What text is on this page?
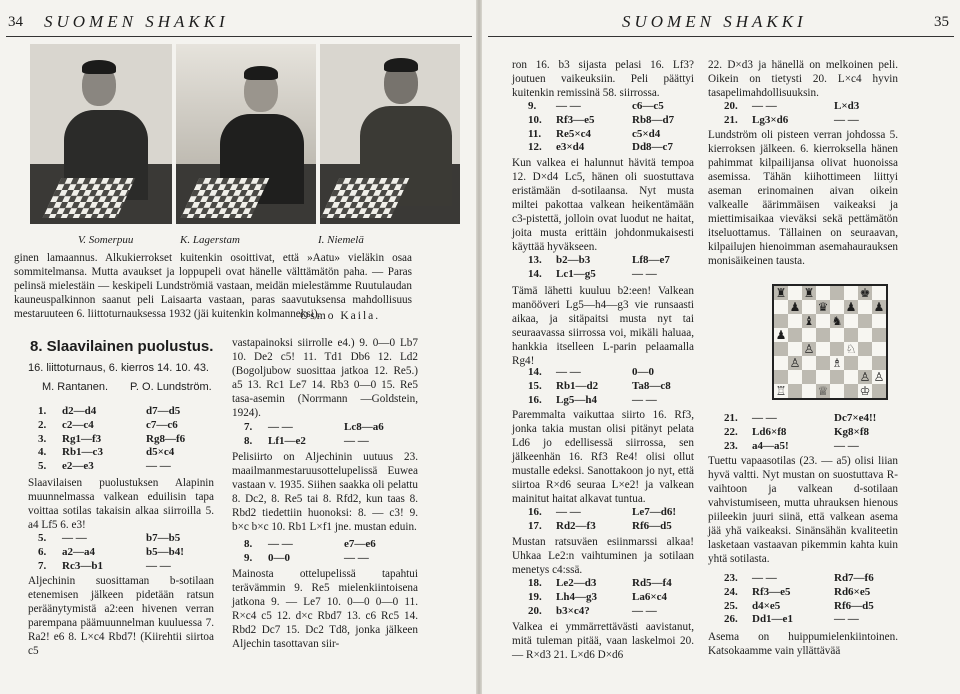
34 SUOMEN SHAKKI
V. Somerpuu	K. Lagerstam	I. Niemelä

ginen lamaannus. Alkukierrokset kuitenkin osoittivat, että »Aatu» vieläkin osaa sommitelmansa. Mutta avaukset ja loppupeli ovat hänelle välttämätön paha. — Paras pelinsä mielestäin — keskipeli Lundströmiä vastaan, meidän mielestämme Ruutulaudan kauneuspalkinnon saanut peli Laisaarta vastaan, paras saavutuksensa mahdollisuus mestaruuteen 6. liittoturnauksessa 1932 (jäi kuitenkin kolmanneksi).

Osmo Kaila.
8. Slaavilainen puolustus.
16. liittoturnaus, 6. kierros 14. 10. 43.
M. Rantanen. P. O. Lundström.
1. d2—d4	d7—d5
2. c2—c4	c7—c6
3. Rg1—f3	Rg8—f6
4. Rb1—c3	d5×c4
5. e2—e3	— —

Slaavilaisen puolustuksen Alapinin muunnelmassa valkean eduilisin tapa voittaa sotilas takaisin alkaa siirroilla 5. a4 Lf5 6. e3!

5. — —	b7—b5
6. a2—a4	b5—b4!
7. Rc3—b1	— —

Aljechinin suosittaman b-sotilaan etenemisen jälkeen pidetään ratsun peräänytymistä a2:een hivenen verran parempana päämuunnelman kuuluessa 7. Ra2! e6 8. L×c4 Rbd7! (Kiirehtii siirtoa c5

vastapainoksi siirrolle e4.) 9. 0—0 Lb7 10. De2 c5! 11. Td1 Db6 12. Ld2 (Bogoljubow suosittaa jatkoa 12. Re5.) a5 13. Rc1 Le7 14. Rb3 0—0 15. Re5 tasa-asemin (Norrmann —Goldstein, 1924).

7. — —	Lc8—a6
8. Lf1—e2	— —

Pelisiirto on Aljechinin uutuus 23. maailmanmestaruusottelupelissä Euwea vastaan v. 1935. Siihen saakka oli pelattu 8. Dc2, 8. Re5 tai 8. Rfd2, kun taas 8. Rbd2 tiedettiin huonoksi: 8. — c3! 9. b×c b×c 10. Rb1 L×f1 jne. mustan eduin.

8. — —	e7—e6
9. 0—0	— —

Mainosta ottelupelissä tapahtui terävämmin 9. Re5 mielenkiintoisena jatkona 9. — Le7 10. 0—0 0—0 11. R×c4 c5 12. d×c Rbd7 13. c6 Rc5 14. Rbd2 Dc7 15. Dc2 Td8, jonka jälkeen Aljechin tasottavan siir-

SUOMEN SHAKKI	35

ron 16. b3 sijasta pelasi 16. Lf3? joutuen vaikeuksiin. Peli päättyi kuitenkin remissinä 58. siirrossa.

9. — —	c6—c5
10. Rf3—e5	Rb8—d7
11. Re5×c4	c5×d4
12. e3×d4	Dd8—c7

Kun valkea ei halunnut hävitä tempoa 12. D×d4 Lc5, hänen oli suostuttava eristämään d-sotilaansa. Nyt musta miltei pakottaa valkean heikentämään c3-pistettä, jolloin ovat luodut ne haitat, joita musta erittäin johdonmukaisesti käyttää hyväkseen.

13. b2—b3	Lf8—e7
14. Lc1—g5	— —

Tämä lähetti kuuluu b2:een! Valkean manööveri Lg5—h4—g3 vie runsaasti aikaa, ja sitäpaitsi musta nyt tai seuraavassa siirrossa voi, mikäli haluaa, hankkia itselleen L-parin pelaamalla Rg4!

14. — —	0—0
15. Rb1—d2	Ta8—c8
16. Lg5—h4	— —

Paremmalta vaikuttaa siirto 16. Rf3, jonka takia mustan olisi pitänyt pelata Ld6 jo edellisessä siirrossa, sen jälkeenhän 16. Rf3 Re4! olisi ollut mustalle edeksi. Sanottakoon jo nyt, että siirtoa R×d6 seuraa L×e2! ja valkean mainitut haitat alkavat tuntua.

16. — —	Le7—d6!
17. Rd2—f3	Rf6—d5

Mustan ratsuväen esiinmarssi alkaa! Uhkaa Le2:n vaihtuminen ja sotilaan menetys c4:ssä.

18. Le2—d3	Rd5—f4
19. Lh4—g3	La6×c4
20. b3×c4?	— —

Valkea ei ymmärrettävästi aavistanut, mitä tuleman pitää, vaan laskelmoi 20. — R×d3 21. L×d6 D×d6

22. D×d3 ja hänellä on melkoinen peli. Oikein on tietysti 20. L×c4 hyvin tasapelimahdollisuuksin.

20. — —	L×d3
21. Lg3×d6	— —

Lundström oli pisteen verran johdossa 5. kierroksen jälkeen. 6. kierroksella hänen pahimmat kilpailijansa olivat huonoissa asemissa. Tähän kiihottimeen liittyi aseman erinomainen aivan oikein valkealle äärimmäisen vaikeaksi ja miettimisaikaa vieväksi sekä pettämätön itseluottamus. Tällainen on seuraavan, kilpailujen hienoimman asemahaurauksen monisäikeinen tausta.

♜ ♜	♚
♟ ♛ ♟ ♟
♝ ♞
♟
♙	♘
♙	♗
♙ ♙
♖	♕	♔
21. — —	Dc7×e4!!
22. Ld6×f8	Kg8×f8
23. a4—a5!	— —

Tuettu vapaasotilas (23. — a5) olisi liian hyvä valtti. Nyt mustan on suostuttava R-vaihtoon ja valkean d-sotilaan vahvistumiseen, mutta uhrauksen hienous piileekin juuri siinä, että valkean asema jää yhä vaikeaksi. Sinänsähän kvaliteetin lasketaan vastaavan pikemmin kahta kuin yhtä sotilasta.

23. — —	Rd7—f6
24. Rf3—e5	Rd6×e5
25. d4×e5	Rf6—d5
26. Dd1—e1	— —

Asema on huippumielenkiintoinen. Katsokaamme vain yllättävää
